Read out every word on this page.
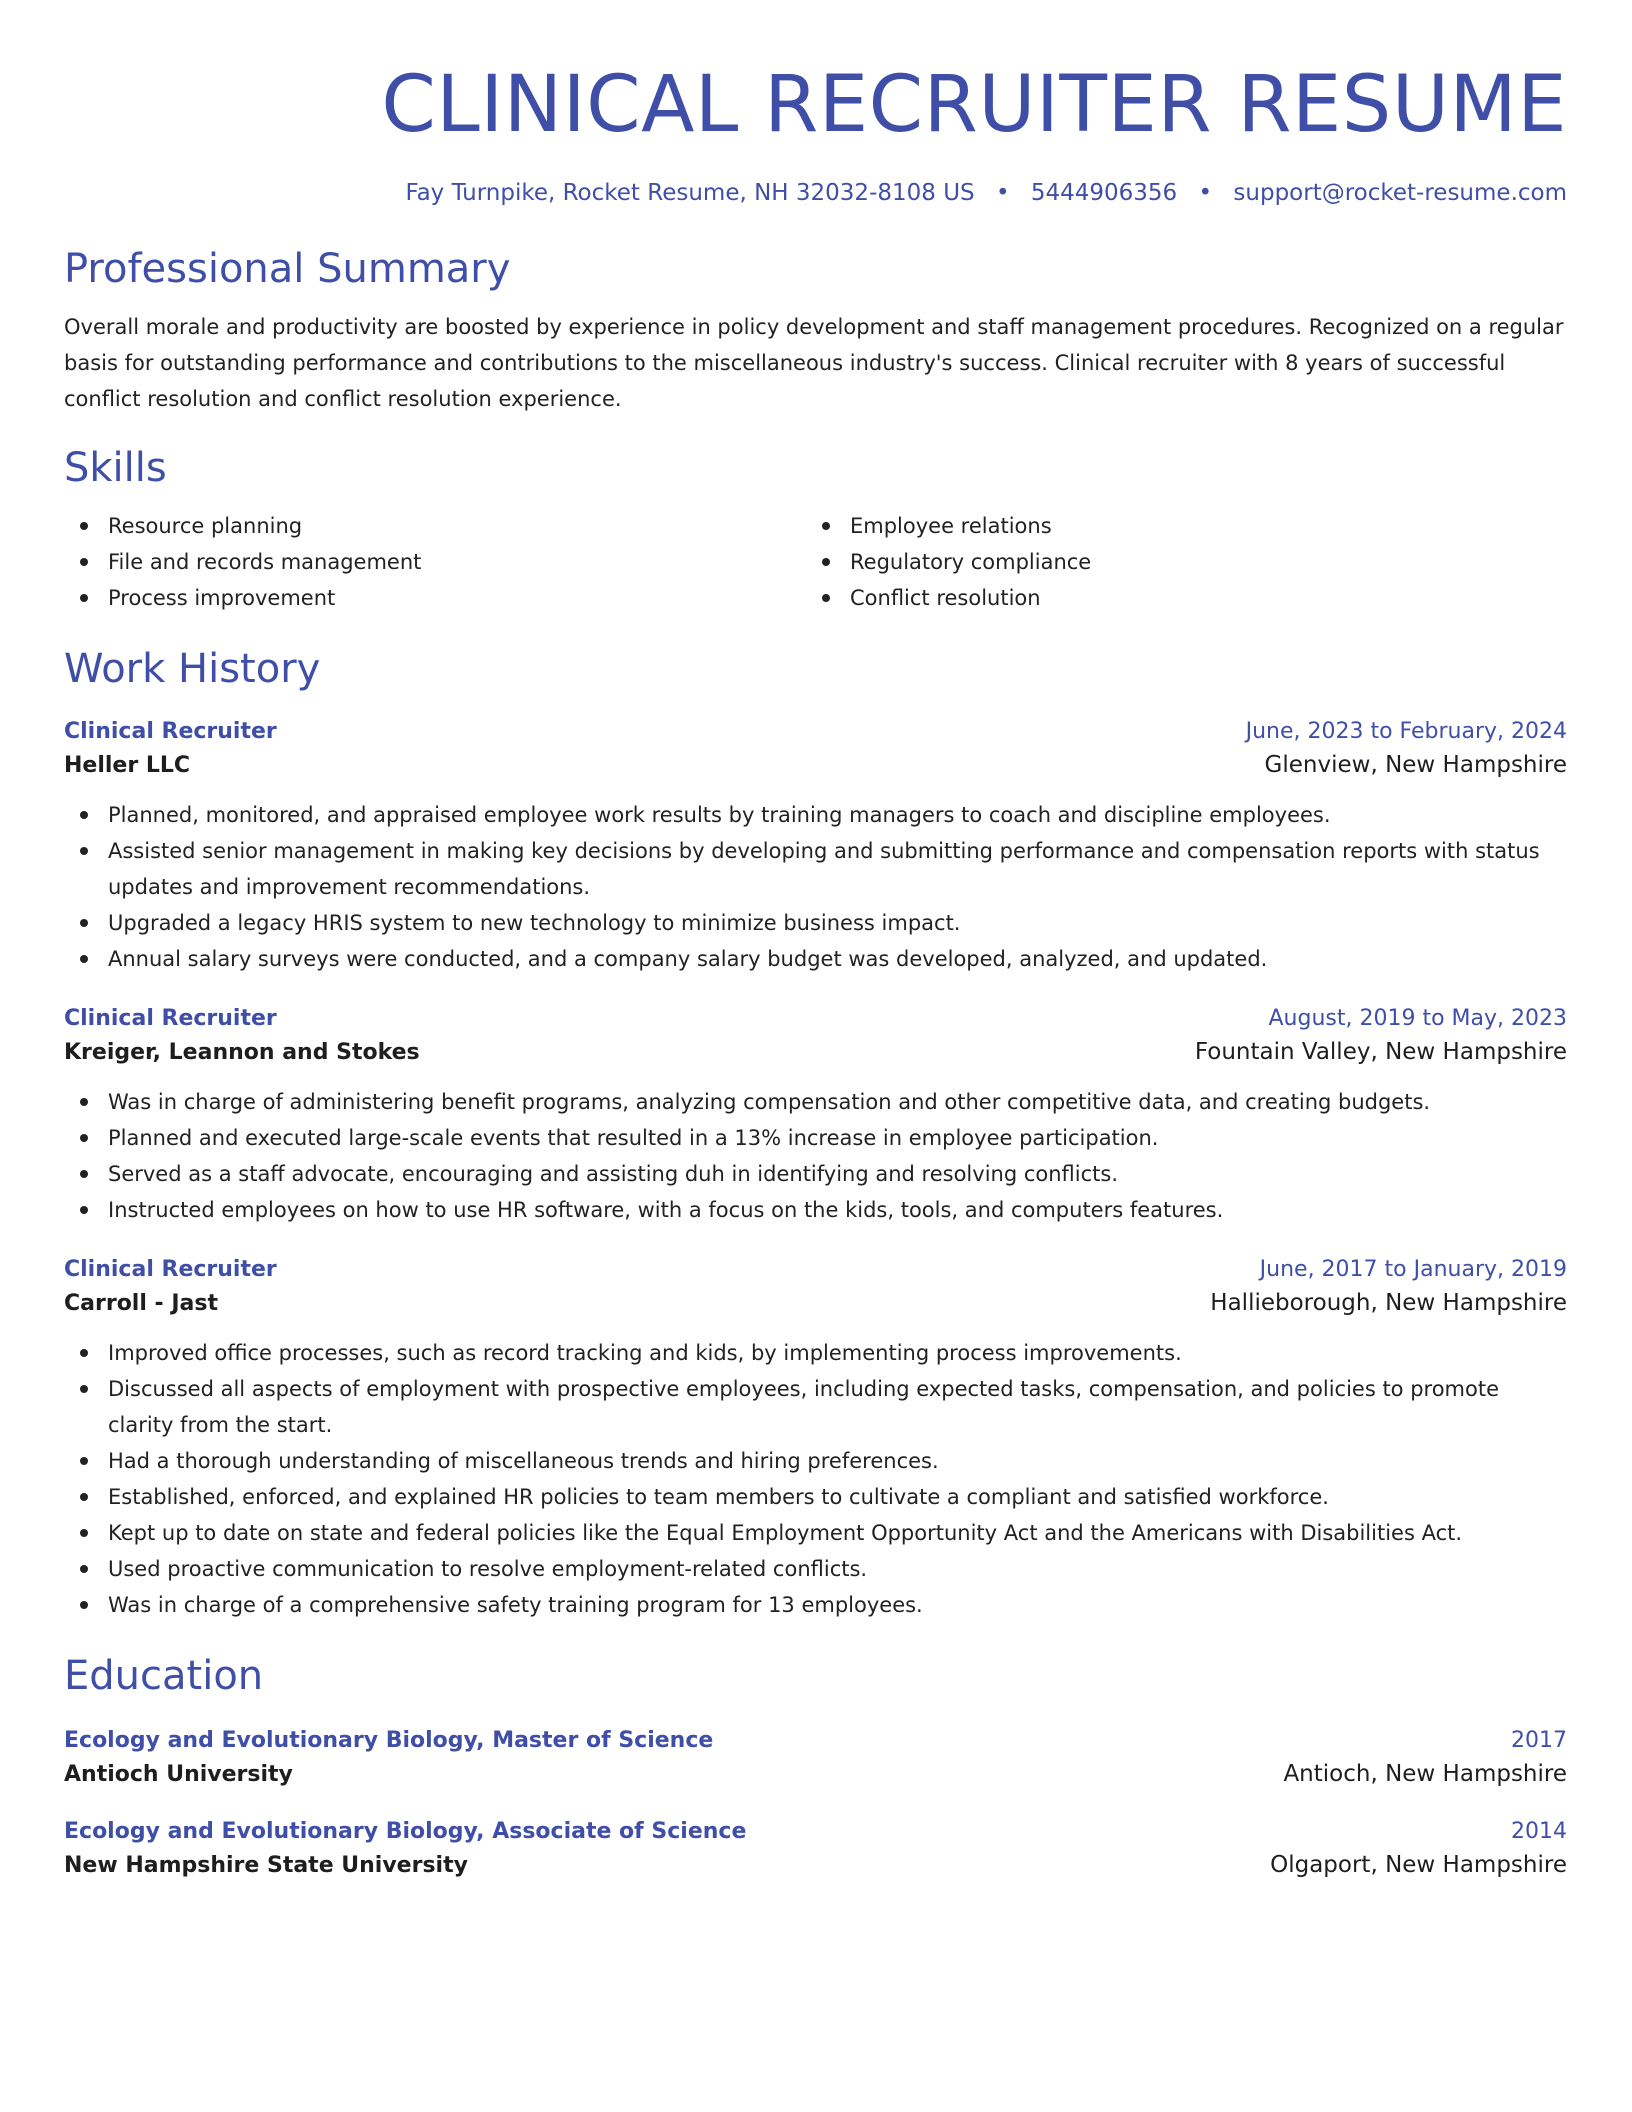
CLINICAL RECRUITER RESUME
Fay Turnpike, Rocket Resume, NH 32032-8108 US • 5444906356 • support@rocket-resume.com
Professional Summary

Overall morale and productivity are boosted by experience in policy development and staff management procedures. Recognized on a regular basis for outstanding performance and contributions to the miscellaneous industry's success. Clinical recruiter with 8 years of successful conflict resolution and conflict resolution experience.

Skills
Resource planning
File and records management
Process improvement
Employee relations
Regulatory compliance
Conflict resolution
Work History
Clinical Recruiter	June, 2023 to February, 2024
Heller LLC	Glenview, New Hampshire
Planned, monitored, and appraised employee work results by training managers to coach and discipline employees.
Assisted senior management in making key decisions by developing and submitting performance and compensation reports with status updates and improvement recommendations.
Upgraded a legacy HRIS system to new technology to minimize business impact.
Annual salary surveys were conducted, and a company salary budget was developed, analyzed, and updated.
Clinical Recruiter	August, 2019 to May, 2023
Kreiger, Leannon and Stokes	Fountain Valley, New Hampshire
Was in charge of administering benefit programs, analyzing compensation and other competitive data, and creating budgets.
Planned and executed large-scale events that resulted in a 13% increase in employee participation.
Served as a staff advocate, encouraging and assisting duh in identifying and resolving conflicts.
Instructed employees on how to use HR software, with a focus on the kids, tools, and computers features.
Clinical Recruiter	June, 2017 to January, 2019
Carroll - Jast	Hallieborough, New Hampshire
Improved office processes, such as record tracking and kids, by implementing process improvements.
Discussed all aspects of employment with prospective employees, including expected tasks, compensation, and policies to promote clarity from the start.
Had a thorough understanding of miscellaneous trends and hiring preferences.
Established, enforced, and explained HR policies to team members to cultivate a compliant and satisfied workforce.
Kept up to date on state and federal policies like the Equal Employment Opportunity Act and the Americans with Disabilities Act.
Used proactive communication to resolve employment-related conflicts.
Was in charge of a comprehensive safety training program for 13 employees.
Education
Ecology and Evolutionary Biology, Master of Science	2017
Antioch University	Antioch, New Hampshire
Ecology and Evolutionary Biology, Associate of Science	2014
New Hampshire State University	Olgaport, New Hampshire
